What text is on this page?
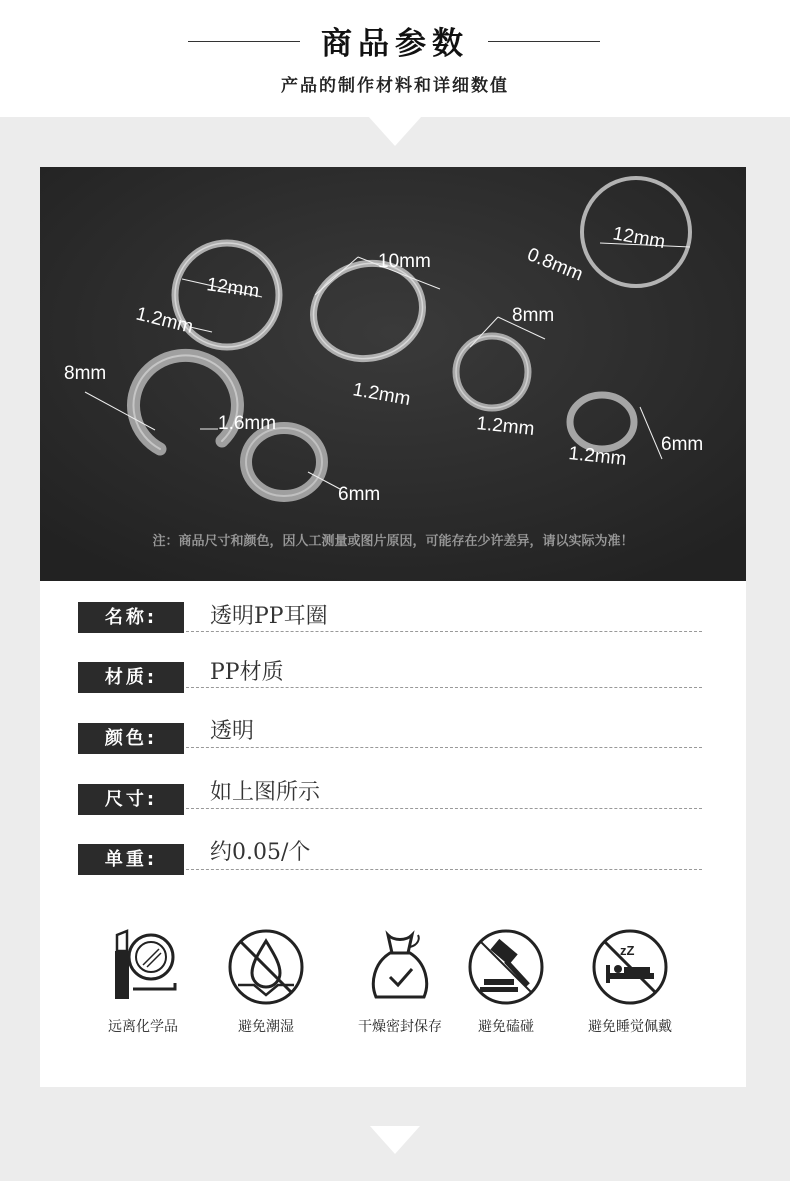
商品参数
产品的制作材料和详细数值
12mm
1.2mm
10mm
1.2mm
8mm
1.6mm
6mm
8mm
1.2mm
12mm
0.8mm
1.2mm 6mm
注：商品尺寸和颜色，因人工测量或图片原因，可能存在少许差异，请以实际为准！
名称:	透明PP耳圈
材质:	PP材质
颜色:	透明
尺寸:	如上图所示
单重:	约0.05/个
远离化学品	避免潮湿	干燥密封保存	避免磕碰
zZ
避免睡觉佩戴
